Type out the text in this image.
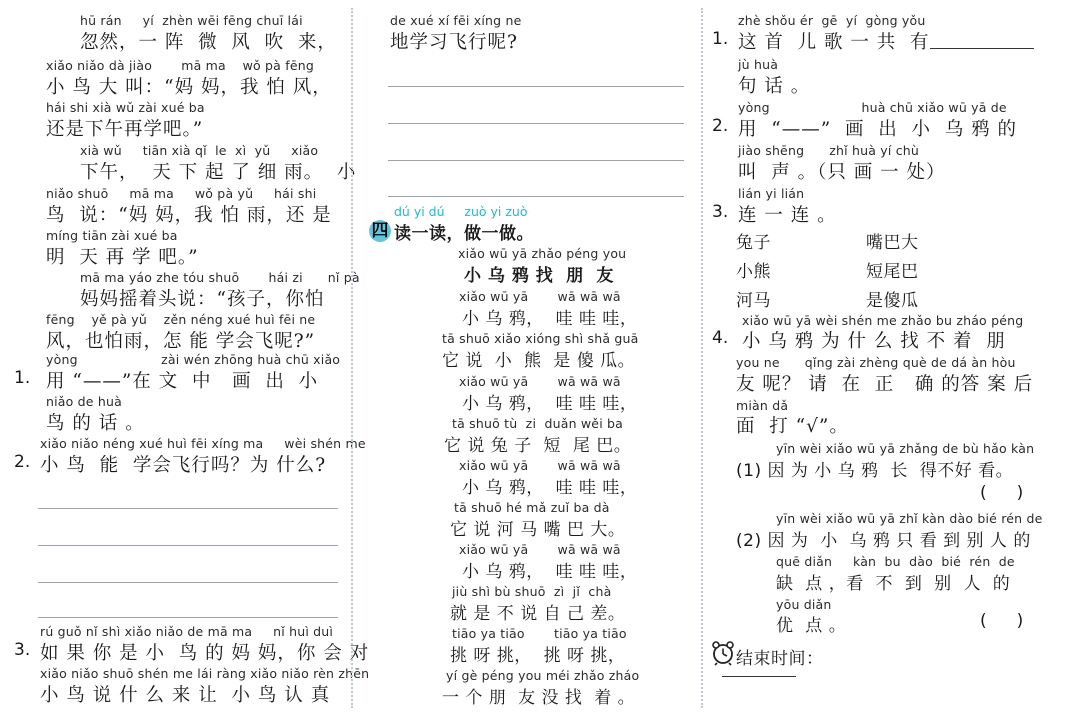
hū rán     yí  zhèn wēi fēng chuī lái
忽然，一 阵  微  风  吹  来，
xiǎo niǎo dà jiào       mā ma    wǒ pà fēng
小 鸟 大 叫：“妈 妈，我 怕 风，
hái shi xià wǔ zài xué ba
还是下午再学吧。”
xià wǔ     tiān xià qǐ  le  xì  yǔ     xiǎo
下午，  天 下 起 了 细 雨。  小
niǎo shuō     mā ma     wǒ pà yǔ     hái shi
鸟  说：“妈 妈，我 怕 雨，还 是
míng tiān zài xué ba
明  天 再 学 吧。”
mā ma yáo zhe tóu shuō       hái zi      nǐ pà
妈妈摇着头说：“孩子，你怕
fēng    yě pà yǔ    zěn néng xué huì fēi ne
风，也怕雨，怎 能 学会飞呢?”
yòng                    zài wén zhōng huà chū xiǎo
1. 用 “——”在 文  中   画  出  小
niǎo de huà
鸟 的 话 。
xiǎo niǎo néng xué huì fēi xíng ma     wèi shén me
2. 小 鸟  能  学会飞行吗？为 什么?
rú guǒ nǐ shì xiǎo niǎo de mā ma     nǐ huì duì
3. 如 果 你 是 小  鸟 的 妈 妈，你 会 对
xiǎo niǎo shuō shén me lái ràng xiǎo niǎo rèn zhēn
小 鸟 说 什 么 来 让  小 鸟 认 真
de xué xí fēi xíng ne
地学习飞行呢?
dú yi dú     zuò yi zuò
四 读一读，做一做。
xiǎo wū yā zhǎo péng you
小 乌 鸦 找  朋  友
xiǎo wū yā       wā wā wā
小 乌 鸦，  哇 哇 哇，
tā shuō xiǎo xióng shì shǎ guā
它 说  小  熊  是 傻 瓜。
xiǎo wū yā       wā wā wā
小 乌 鸦，  哇 哇 哇，
tā shuō tù  zi  duǎn wěi ba
它 说 兔 子  短  尾 巴。
xiǎo wū yā       wā wā wā
小 乌 鸦，  哇 哇 哇，
tā shuō hé mǎ zuǐ ba dà
它 说 河 马 嘴 巴 大。
xiǎo wū yā       wā wā wā
小 乌 鸦，  哇 哇 哇，
jiù shì bù shuō  zì  jǐ  chà
就 是 不 说 自 己 差。
tiāo ya tiāo       tiāo ya tiāo
挑 呀 挑，  挑 呀 挑，
yí gè péng you méi zhǎo zháo
一 个 朋  友 没 找  着 。
zhè shǒu ér  gē  yí  gòng yǒu
1. 这 首  儿 歌 一 共  有
jù huà
句 话 。
yòng                      huà chū xiǎo wū yā de
2. 用  “——”  画  出  小  乌 鸦 的
jiào shēng      zhǐ huà yí chù
叫  声 。（只 画 一 处）
lián yi lián
3. 连 一 连 。
兔子	嘴巴大
小熊	短尾巴
河马	是傻瓜
xiǎo wū yā wèi shén me zhǎo bu zháo péng
4. 小 乌 鸦 为 什 么 找 不 着  朋
you ne      qǐng zài zhèng què de dá àn hòu
友 呢？ 请  在  正   确 的答 案 后
miàn dǎ
面  打 “√”。
yīn wèi xiǎo wū yā zhǎng de bù hǎo kàn
(1) 因 为 小 乌 鸦  长  得不好 看。
(     )
yīn wèi xiǎo wū yā zhǐ kàn dào bié rén de
(2) 因 为  小  乌 鸦 只 看 到 别 人 的
quē diǎn     kàn  bu  dào  bié  rén  de
缺  点 ，看  不  到  别  人  的
yōu diǎn
优  点 。	(     )
结束时间：
